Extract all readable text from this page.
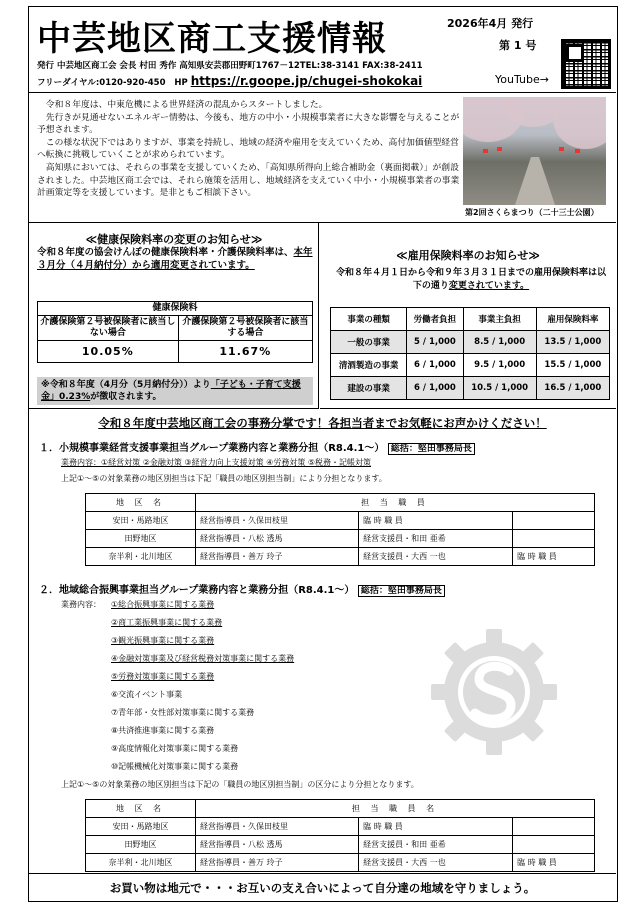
中芸地区商工支援情報	2026年4月 発行
第 1 号
発行 中芸地区商工会 会長 村田 秀作 高知県安芸郡田野町1767－12TEL:38-3141 FAX:38-2411
フリーダイヤル:0120-920-450 HP https://r.goope.jp/chugei-shokokai	YouTube→

令和８年度は、中東危機による世界経済の混乱からスタートしました。

先行きが見通せないエネルギー情勢は、今後も、地方の中小・小規模事業者に大きな影響を与えることが予想されます。

この様な状況下ではありますが、事業を持続し、地域の経済や雇用を支えていくため、高付加価値型経営へ転換に挑戦していくことが求められています。

高知県においては、それらの事業を支援していくため、「高知県所得向上総合補助金（裏面掲載）」が創設されました。中芸地区商工会では、それら施策を活用し、地域経済を支えていく中小・小規模事業者の事業計画策定等を支援しています。是非ともご相談下さい。

第2回さくらまつり（二十三士公園）
≪健康保険料率の変更のお知らせ≫
令和８年度の協会けんぽの健康保険料率・介護保険料率は、本年３月分（４月納付分）から適用変更されています。
健康保険料	
介護保険第２号被保険者に該当しない場合	介護保険第２号被保険者に該当する場合
10.05%	11.67%
※令和８年度（4月分（5月納付分））より「子ども・子育て支援金」0.23%が徴収されます。
≪雇用保険料率のお知らせ≫
令和８年４月１日から令和９年３月３１日までの雇用保険料率は以下の通り変更されています。
事業の種類	労働者負担	事業主負担	雇用保険料率
一般の事業	5 / 1,000	8.5 / 1,000	13.5 / 1,000
清酒製造の事業	6 / 1,000	9.5 / 1,000	15.5 / 1,000
建設の事業	6 / 1,000	10.5 / 1,000	16.5 / 1,000
令和８年度中芸地区商工会の事務分掌です！各担当者までお気軽にお声かけください！
１．小規模事業経営支援事業担当グループ業務内容と業務分担（R8.4.1～） 総括：堅田事務局長
業務内容：①経営対策 ②金融対策 ③経営力向上支援対策 ④労務対策 ⑤税務・記帳対策
上記①～⑤の対象業務の地区別担当は下記「職員の地区別担当制」により分担となります。
地 区 名	担 当 職 員		
安田・馬路地区	経営指導員・久保田枝里	臨 時 職 員	
田野地区	経営指導員・八松 透馬	経営支援員・和田 亜希	
奈半利・北川地区	経営指導員・善万 玲子	経営支援員・大西 一也	臨 時 職 員
２．地域総合振興事業担当グループ業務内容と業務分担（R8.4.1～） 総括：堅田事務局長
業務内容： ①総合振興事業に関する業務
②商工業振興事業に関する業務
③観光振興事業に関する業務
④金融対策事業及び経営税務対策事業に関する業務
⑤労務対策事業に関する業務
⑥交流イベント事業
⑦青年部・女性部対策事業に関する業務
⑧共済推進事業に関する業務
⑨高度情報化対策事業に関する業務
⑩記帳機械化対策事業に関する業務
上記①～⑤の対象業務の地区別担当は下記の「職員の地区別担当制」の区分により分担となります。
地 区 名	担 当 職 員 名		
安田・馬路地区	経営指導員・久保田枝里	臨 時 職 員	
田野地区	経営指導員・八松 透馬	経営支援員・和田 亜希	
奈半利・北川地区	経営指導員・善万 玲子	経営支援員・大西 一也	臨 時 職 員
お買い物は地元で・・・お互いの支え合いによって自分達の地域を守りましょう。
